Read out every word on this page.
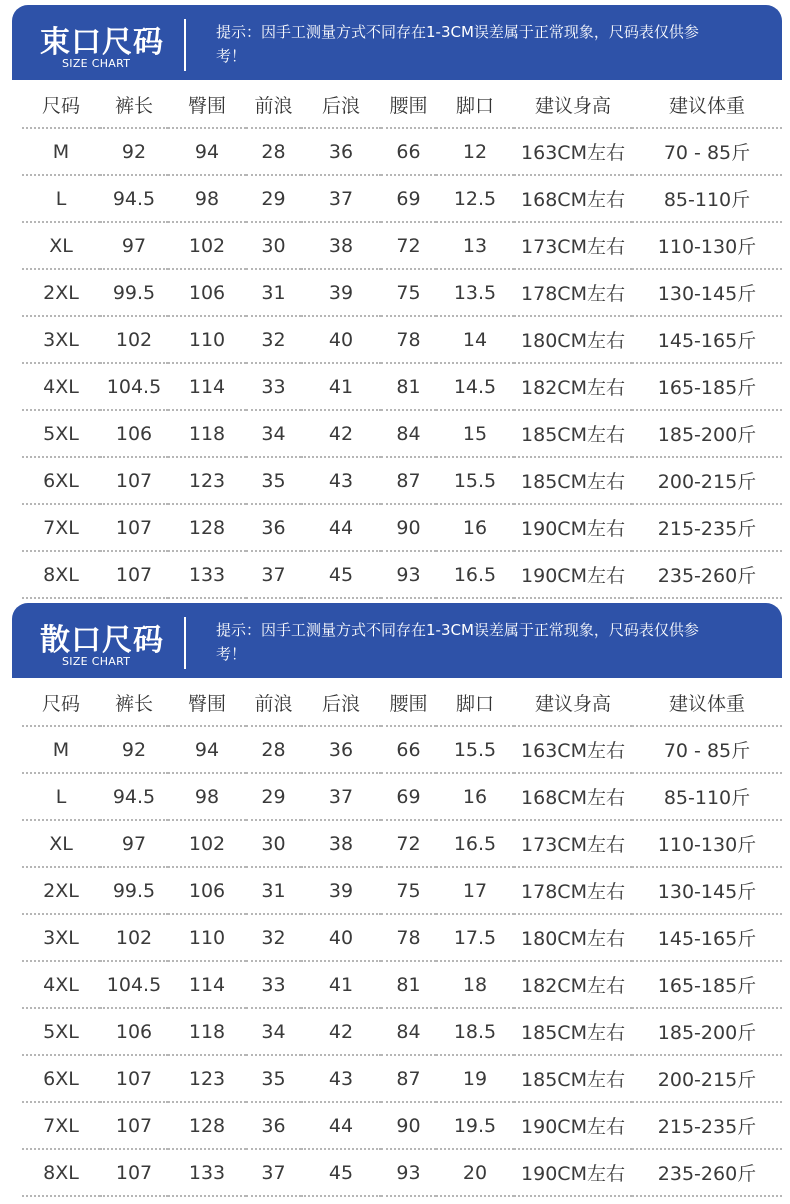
束口尺码
SIZE CHART
提示：因手工测量方式不同存在1-3CM误差属于正常现象，尺码表仅供参考！
尺码	裤长	臀围	前浪	后浪	腰围	脚口	建议身高	建议体重
M	92	94	28	36	66	12	163CM左右	70 - 85斤
L	94.5	98	29	37	69	12.5	168CM左右	85-110斤
XL	97	102	30	38	72	13	173CM左右	110-130斤
2XL	99.5	106	31	39	75	13.5	178CM左右	130-145斤
3XL	102	110	32	40	78	14	180CM左右	145-165斤
4XL	104.5	114	33	41	81	14.5	182CM左右	165-185斤
5XL	106	118	34	42	84	15	185CM左右	185-200斤
6XL	107	123	35	43	87	15.5	185CM左右	200-215斤
7XL	107	128	36	44	90	16	190CM左右	215-235斤
8XL	107	133	37	45	93	16.5	190CM左右	235-260斤
散口尺码
SIZE CHART
提示：因手工测量方式不同存在1-3CM误差属于正常现象，尺码表仅供参考！
尺码	裤长	臀围	前浪	后浪	腰围	脚口	建议身高	建议体重
M	92	94	28	36	66	15.5	163CM左右	70 - 85斤
L	94.5	98	29	37	69	16	168CM左右	85-110斤
XL	97	102	30	38	72	16.5	173CM左右	110-130斤
2XL	99.5	106	31	39	75	17	178CM左右	130-145斤
3XL	102	110	32	40	78	17.5	180CM左右	145-165斤
4XL	104.5	114	33	41	81	18	182CM左右	165-185斤
5XL	106	118	34	42	84	18.5	185CM左右	185-200斤
6XL	107	123	35	43	87	19	185CM左右	200-215斤
7XL	107	128	36	44	90	19.5	190CM左右	215-235斤
8XL	107	133	37	45	93	20	190CM左右	235-260斤
